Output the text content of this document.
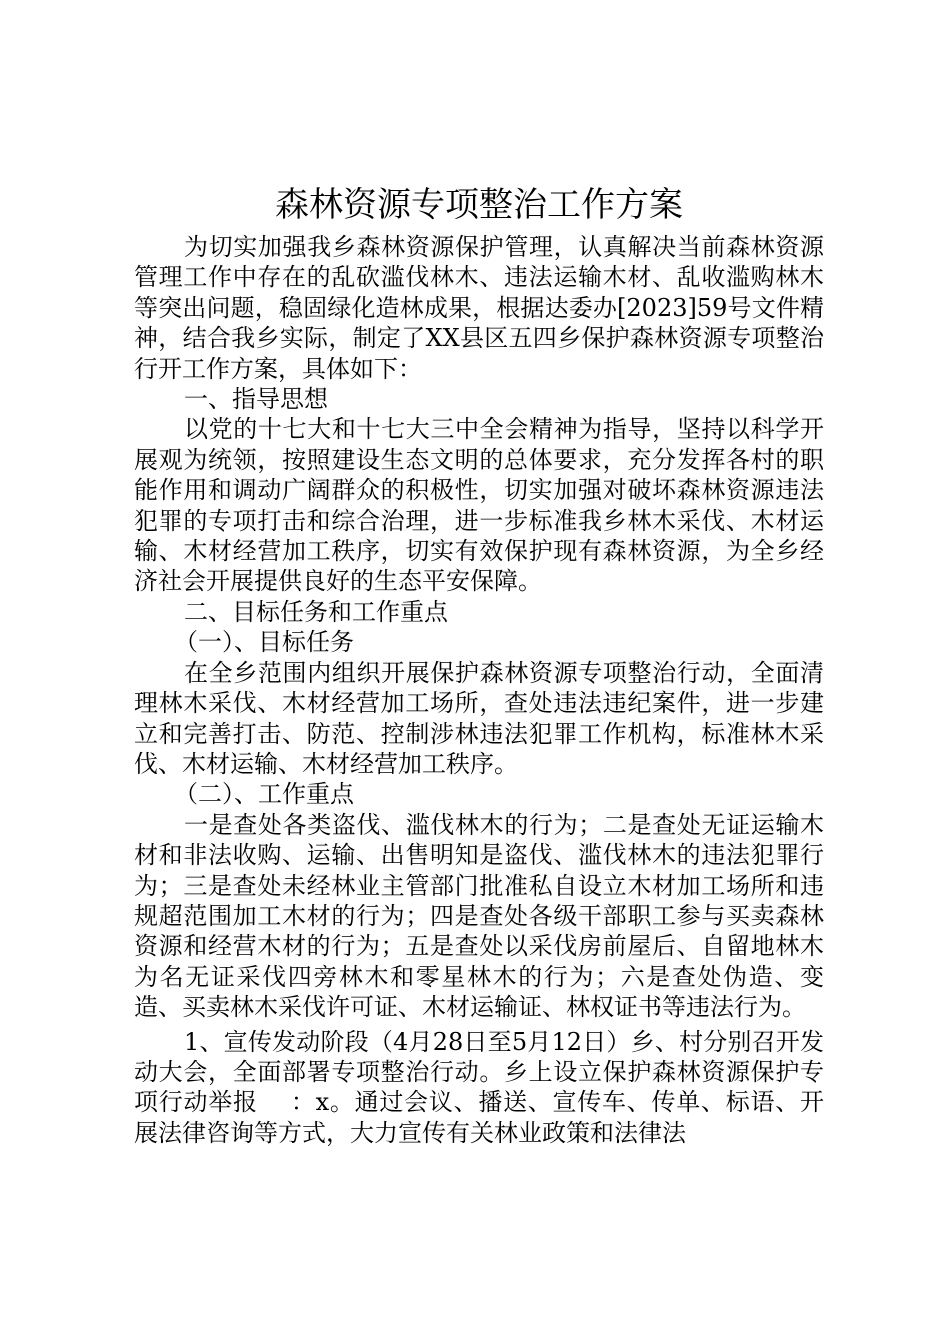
森林资源专项整治工作方案

为切实加强我乡森林资源保护管理，认真解决当前森林资源管理工作中存在的乱砍滥伐林木、违法运输木材、乱收滥购林木等突出问题，稳固绿化造林成果，根据达委办[2023]59号文件精神，结合我乡实际，制定了XX县区五四乡保护森林资源专项整治行开工作方案，具体如下：

一、指导思想

以党的十七大和十七大三中全会精神为指导，坚持以科学开展观为统领，按照建设生态文明的总体要求，充分发挥各村的职能作用和调动广阔群众的积极性，切实加强对破坏森林资源违法犯罪的专项打击和综合治理，进一步标准我乡林木采伐、木材运输、木材经营加工秩序，切实有效保护现有森林资源，为全乡经济社会开展提供良好的生态平安保障。

二、目标任务和工作重点

（一）、目标任务

在全乡范围内组织开展保护森林资源专项整治行动，全面清理林木采伐、木材经营加工场所，查处违法违纪案件，进一步建立和完善打击、防范、控制涉林违法犯罪工作机构，标准林木采伐、木材运输、木材经营加工秩序。

（二）、工作重点

一是查处各类盗伐、滥伐林木的行为；二是查处无证运输木材和非法收购、运输、出售明知是盗伐、滥伐林木的违法犯罪行为；三是查处未经林业主管部门批准私自设立木材加工场所和违规超范围加工木材的行为；四是查处各级干部职工参与买卖森林资源和经营木材的行为；五是查处以采伐房前屋后、自留地林木为名无证采伐四旁林木和零星林木的行为；六是查处伪造、变造、买卖林木采伐许可证、木材运输证、林权证书等违法行为。

1、宣传发动阶段（4月28日至5月12日）乡、村分别召开发动大会，全面部署专项整治行动。乡上设立保护森林资源保护专项行动举报　 ：x。通过会议、播送、宣传车、传单、标语、开展法律咨询等方式，大力宣传有关林业政策和法律法
